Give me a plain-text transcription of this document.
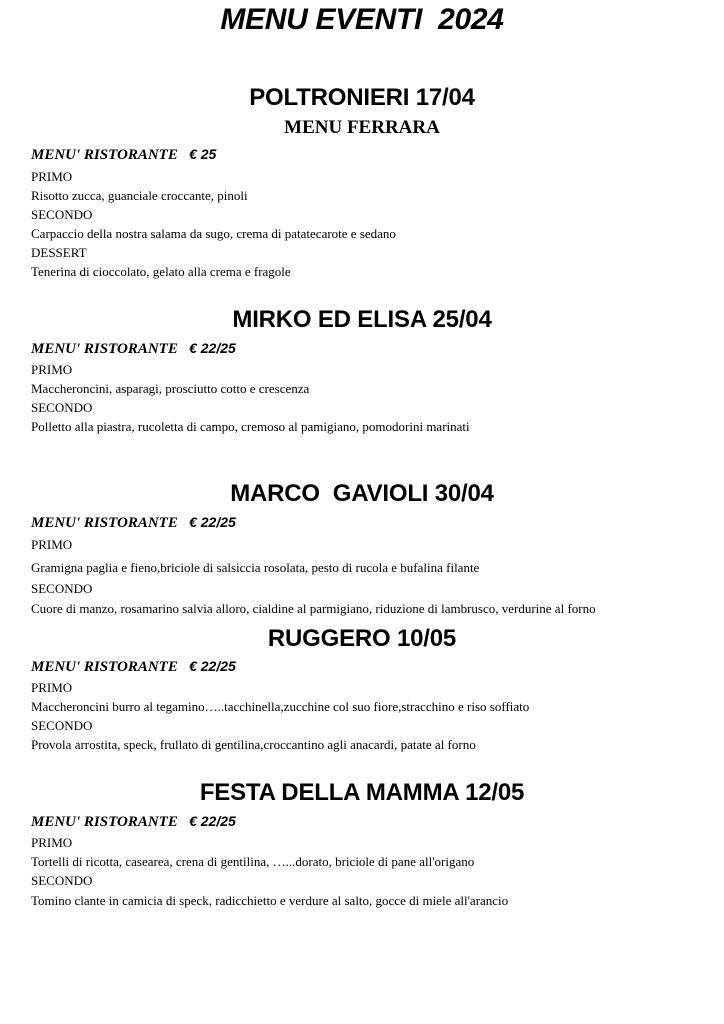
MENU EVENTI  2024
POLTRONIERI 17/04
MENU FERRARA
MENU' RISTORANTE € 25
PRIMO
Risotto zucca, guanciale croccante, pinoli
SECONDO
Carpaccio della nostra salama da sugo, crema di patatecarote e sedano
DESSERT
Tenerina di cioccolato, gelato alla crema e fragole
MIRKO ED ELISA 25/04
MENU' RISTORANTE € 22/25
PRIMO
Maccheroncini, asparagi, prosciutto cotto e crescenza
SECONDO
Polletto alla piastra, rucoletta di campo, cremoso al pamigiano, pomodorini marinati
MARCO  GAVIOLI 30/04
MENU' RISTORANTE € 22/25
PRIMO
Gramigna paglia e fieno,briciole di salsiccia rosolata, pesto di rucola e bufalina filante
SECONDO
Cuore di manzo, rosamarino salvia alloro, cialdine al parmigiano, riduzione di lambrusco, verdurine al forno
RUGGERO 10/05
MENU' RISTORANTE € 22/25
PRIMO
Maccheroncini burro al tegamino…..tacchinella,zucchine col suo fiore,stracchino e riso soffiato
SECONDO
Provola arrostita, speck, frullato di gentilina,croccantino agli anacardi, patate al forno
FESTA DELLA MAMMA 12/05
MENU' RISTORANTE € 22/25
PRIMO
Tortelli di ricotta, casearea, crena di gentilina, …...dorato, briciole di pane all'origano
SECONDO
Tomino clante in camicia di speck, radicchietto e verdure al salto, gocce di miele all'arancio
